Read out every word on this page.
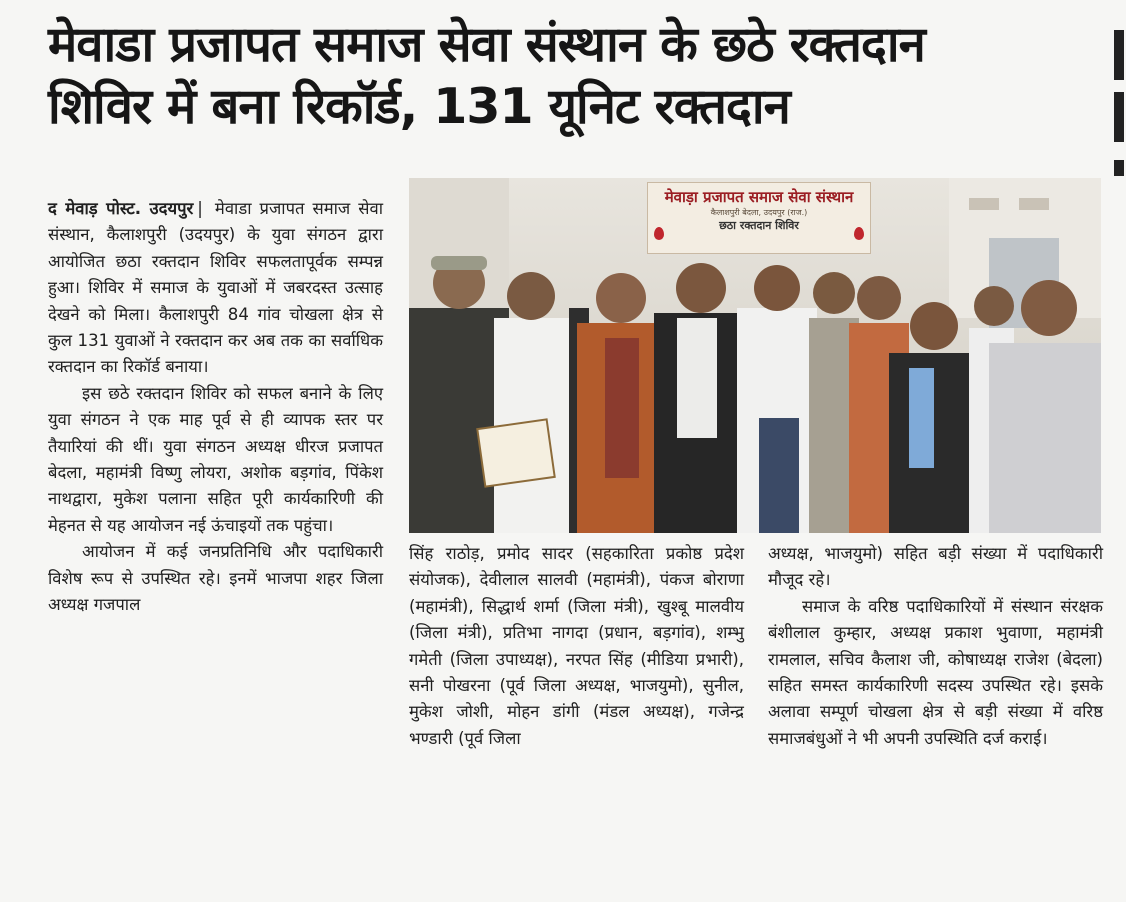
मेवाडा प्रजापत समाज सेवा संस्थान के छठे रक्तदान
शिविर में बना रिकॉर्ड, 131 यूनिट रक्तदान

द मेवाड़ पोस्ट. उदयपुर | मेवाडा प्रजापत समाज सेवा संस्थान, कैलाशपुरी (उदयपुर) के युवा संगठन द्वारा आयोजित छठा रक्तदान शिविर सफलतापूर्वक सम्पन्न हुआ। शिविर में समाज के युवाओं में जबरदस्त उत्साह देखने को मिला। कैलाशपुरी 84 गांव चोखला क्षेत्र से कुल 131 युवाओं ने रक्तदान कर अब तक का सर्वाधिक रक्तदान का रिकॉर्ड बनाया।

इस छठे रक्तदान शिविर को सफल बनाने के लिए युवा संगठन ने एक माह पूर्व से ही व्यापक स्तर पर तैयारियां की थीं। युवा संगठन अध्यक्ष धीरज प्रजापत बेदला, महामंत्री विष्णु लोयरा, अशोक बड़गांव, पिंकेश नाथद्वारा, मुकेश पलाना सहित पूरी कार्यकारिणी की मेहनत से यह आयोजन नई ऊंचाइयों तक पहुंचा।

आयोजन में कई जनप्रतिनिधि और पदाधिकारी विशेष रूप से उपस्थित रहे। इनमें भाजपा शहर जिला अध्यक्ष गजपाल

मेवाड़ा प्रजापत समाज सेवा संस्थान
कैलाशपुरी बेदला, उदयपुर (राज.)
छठा रक्तदान शिविर

सिंह राठोड़, प्रमोद सादर (सहकारिता प्रकोष्ठ प्रदेश संयोजक), देवीलाल सालवी (महामंत्री), पंकज बोराणा (महामंत्री), सिद्धार्थ शर्मा (जिला मंत्री), खुश्बू मालवीय (जिला मंत्री), प्रतिभा नागदा (प्रधान, बड़गांव), शम्भु गमेती (जिला उपाध्यक्ष), नरपत सिंह (मीडिया प्रभारी), सनी पोखरना (पूर्व जिला अध्यक्ष, भाजयुमो), सुनील, मुकेश जोशी, मोहन डांगी (मंडल अध्यक्ष), गजेन्द्र भण्डारी (पूर्व जिला

अध्यक्ष, भाजयुमो) सहित बड़ी संख्या में पदाधिकारी मौजूद रहे।

समाज के वरिष्ठ पदाधिकारियों में संस्थान संरक्षक बंशीलाल कुम्हार, अध्यक्ष प्रकाश भुवाणा, महामंत्री रामलाल, सचिव कैलाश जी, कोषाध्यक्ष राजेश (बेदला) सहित समस्त कार्यकारिणी सदस्य उपस्थित रहे। इसके अलावा सम्पूर्ण चोखला क्षेत्र से बड़ी संख्या में वरिष्ठ समाजबंधुओं ने भी अपनी उपस्थिति दर्ज कराई।
